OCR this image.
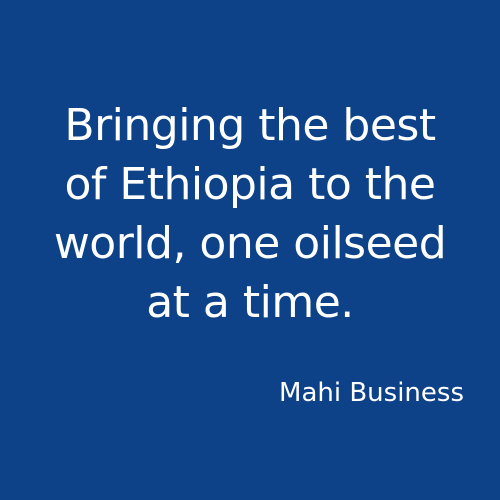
Bringing the best
of Ethiopia to the
world, one oilseed
at a time.

Mahi Business
